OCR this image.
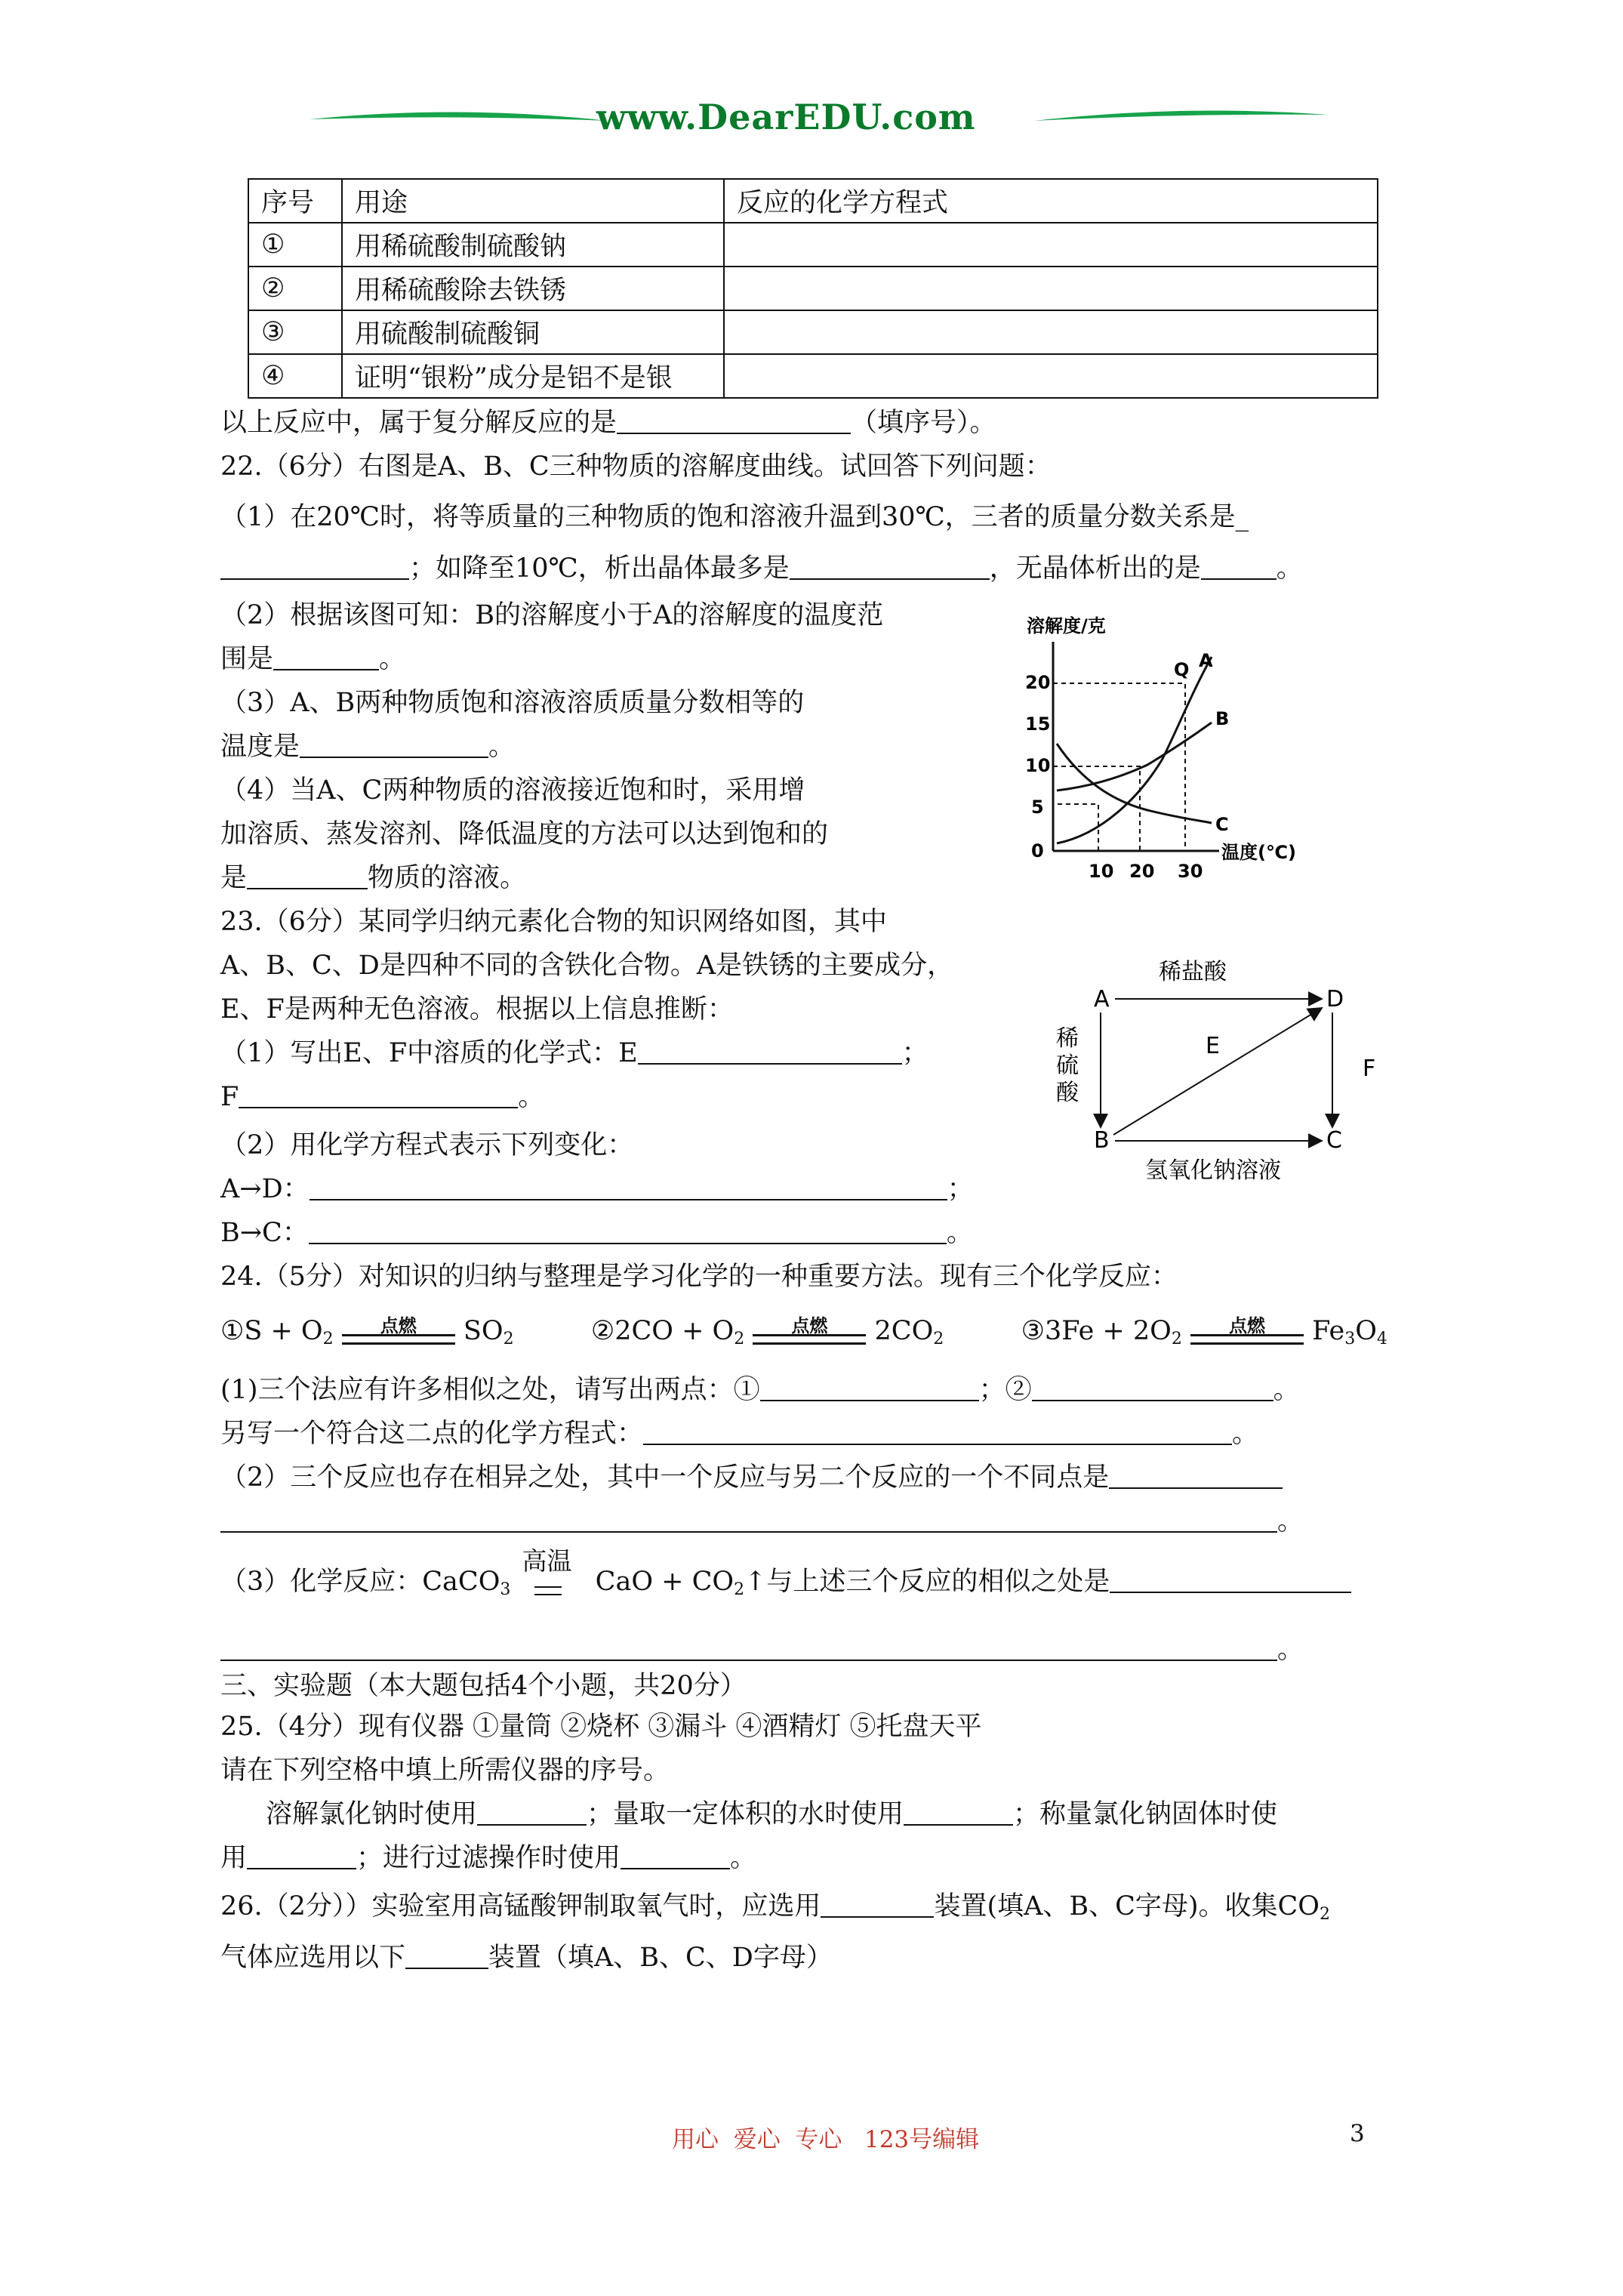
www.DearEDU.com
序号	用途	反应的化学方程式
①	用稀硫酸制硫酸钠	
②	用稀硫酸除去铁锈	
③	用硫酸制硫酸铜	
④	证明“银粉”成分是铝不是银	
以上反应中，属于复分解反应的是	（填序号）。
22.（6分）右图是A、B、C三种物质的溶解度曲线。试回答下列问题：
（1）在20℃时，将等质量的三种物质的饱和溶液升温到30℃，三者的质量分数关系是_
；如降至10℃，析出晶体最多是	，无晶体析出的是	。
（2）根据该图可知：B的溶解度小于A的溶解度的温度范
围是	。
（3）A、B两种物质饱和溶液溶质质量分数相等的
温度是	。
（4）当A、C两种物质的溶液接近饱和时，采用增
加溶质、蒸发溶剂、降低温度的方法可以达到饱和的
是	物质的溶液。
溶解度/克
20
15
10
5
0
10 20 30
温度(℃)
Q A
B
C
23.（6分）某同学归纳元素化合物的知识网络如图，其中
A、B、C、D是四种不同的含铁化合物。A是铁锈的主要成分，
E、F是两种无色溶液。根据以上信息推断：
（1）写出E、F中溶质的化学式：E	；
F	。
（2）用化学方程式表示下列变化：
A→D：	；
B→C：	。
稀盐酸
A	D
B	C
稀
硫
酸
E
F
氢氧化钠溶液
24.（5分）对知识的归纳与整理是学习化学的一种重要方法。现有三个化学反应：
①S + $O_2$
点燃	$SO_2$	②2CO + $O_2$
点燃	$2CO_2$	③3Fe + $2O_2$
点燃	$Fe_3O_4$
(1)三个法应有许多相似之处，请写出两点：①	；②	。
另写一个符合这二点的化学方程式：	。
（2）三个反应也存在相异之处，其中一个反应与另二个反应的一个不同点是
。
（3）化学反应：CaCO$_3$
高温
CaO + $CO_2↑$与上述三个反应的相似之处是
。
三、实验题（本大题包括4个小题，共20分）
25.（4分）现有仪器 ①量筒 ②烧杯 ③漏斗 ④酒精灯 ⑤托盘天平
请在下列空格中填上所需仪器的序号。
溶解氯化钠时使用	；量取一定体积的水时使用	；称量氯化钠固体时使
用	；进行过滤操作时使用	。
26.（2分））实验室用高锰酸钾制取氧气时，应选用	装置(填A、B、C字母)。收集$CO_2$
气体应选用以下	装置（填A、B、C、D字母）
用心  爱心  专心   123号编辑	3
